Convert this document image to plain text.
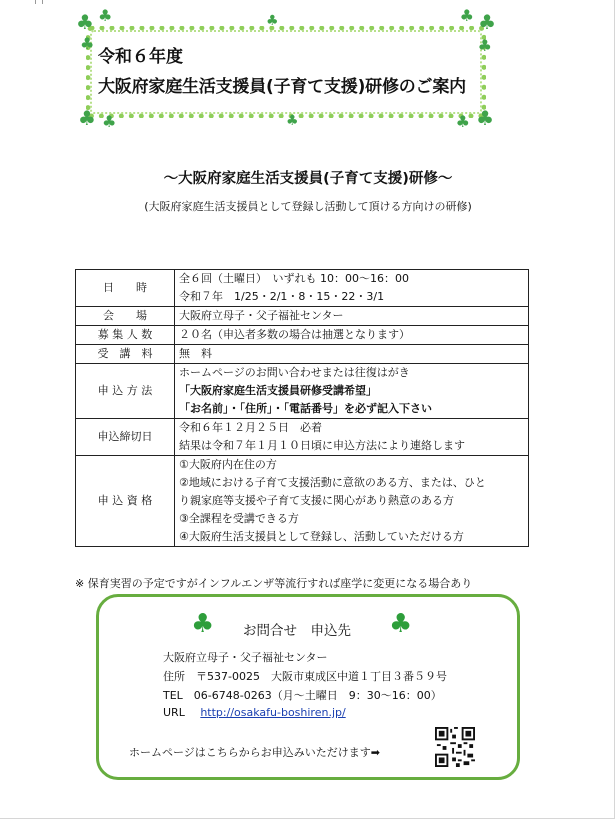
♣ ♣
♣
♣
♣
♣
♣ ♣	♣
♣
♣
♣
令和６年度
大阪府家庭生活支援員(子育て支援)研修のご案内
～大阪府家庭生活支援員(子育て支援)研修～
(大阪府家庭生活支援員として登録し活動して頂ける方向けの研修)
日　　時	全６回（土曜日）　いずれも 10：00～16：00
令和７年　1/25・2/1・8・15・22・3/1

会　　場	大阪府立母子・父子福祉センター

募 集 人 数	２０名（申込者多数の場合は抽選となります）

受　講　料	無　料

申 込 方 法	ホームページのお問い合わせまたは往復はがき
「大阪府家庭生活支援員研修受講希望」
「お名前」・「住所」・「電話番号」を必ず記入下さい

申込締切日	令和６年１２月２５日　必着
結果は令和７年１月１０日頃に申込方法により連絡します

申 込 資 格	①大阪府内在住の方
②地域における子育て支援活動に意欲のある方、または、ひと
り親家庭等支援や子育て支援に関心があり熱意のある方
③全課程を受講できる方
④大阪府生活支援員として登録し、活動していただける方
※ 保育実習の予定ですがインフルエンザ等流行すれば座学に変更になる場合あり
♣	♣
お問合せ　申込先
大阪府立母子・父子福祉センター
住所　〒537-0025　大阪市東成区中道１丁目３番５９号
TEL　06-6748-0263（月～土曜日　9：30～16：00）
URL http://osakafu-boshiren.jp/
ホームページはこちらからお申込みいただけます➡
